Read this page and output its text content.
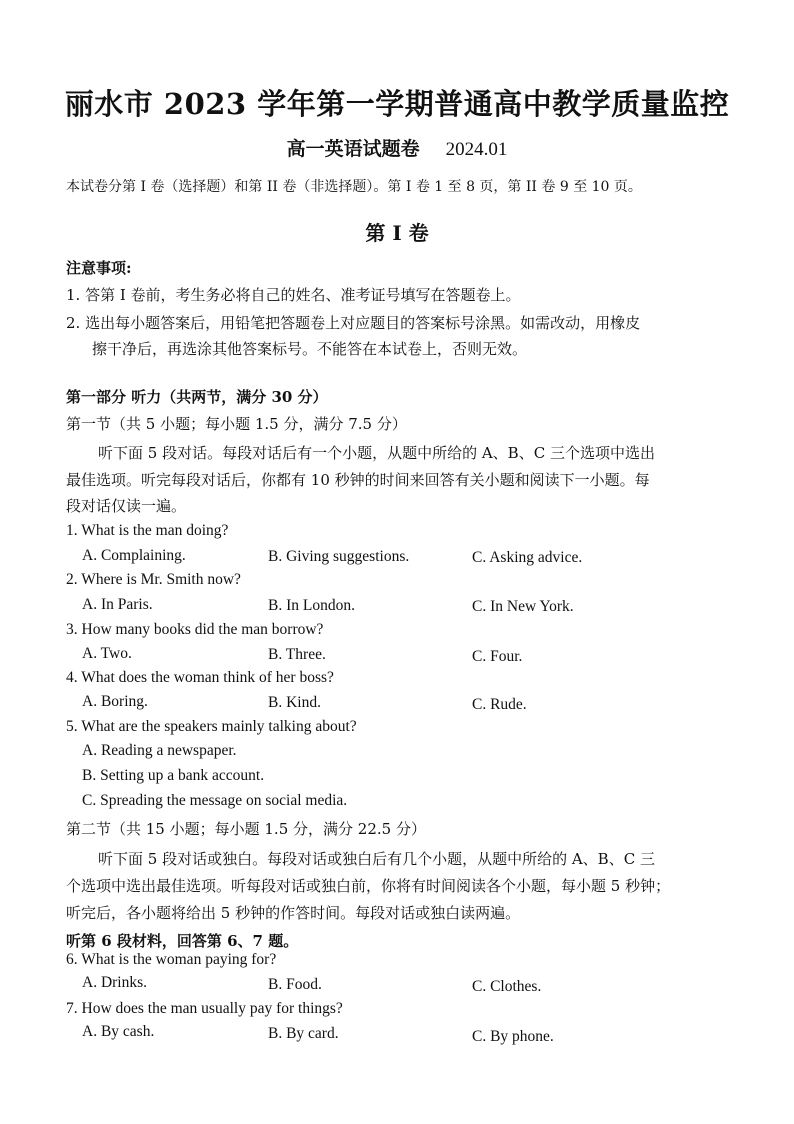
丽水市 2023 学年第一学期普通高中教学质量监控
高一英语试题卷 2024.01
本试卷分第 I 卷（选择题）和第 II 卷（非选择题）。第 I 卷 1 至 8 页，第 II 卷 9 至 10 页。
第 I 卷
注意事项:
1. 答第 I 卷前，考生务必将自己的姓名、准考证号填写在答题卷上。
2. 选出每小题答案后，用铅笔把答题卷上对应题目的答案标号涂黑。如需改动，用橡皮
擦干净后，再选涂其他答案标号。不能答在本试卷上，否则无效。
第一部分 听力（共两节，满分 30 分）
第一节（共 5 小题；每小题 1.5 分，满分 7.5 分）
听下面 5 段对话。每段对话后有一个小题，从题中所给的 A、B、C 三个选项中选出
最佳选项。听完每段对话后，你都有 10 秒钟的时间来回答有关小题和阅读下一小题。每
段对话仅读一遍。
1. What is the man doing?
A. Complaining.	B. Giving suggestions.	C. Asking advice.
2. Where is Mr. Smith now?
A. In Paris.	B. In London.	C. In New York.
3. How many books did the man borrow?
A. Two.	B. Three.	C. Four.
4. What does the woman think of her boss?
A. Boring.	B. Kind.	C. Rude.
5. What are the speakers mainly talking about?
A. Reading a newspaper.
B. Setting up a bank account.
C. Spreading the message on social media.
第二节（共 15 小题；每小题 1.5 分，满分 22.5 分）
听下面 5 段对话或独白。每段对话或独白后有几个小题，从题中所给的 A、B、C 三
个选项中选出最佳选项。听每段对话或独白前，你将有时间阅读各个小题，每小题 5 秒钟；
听完后，各小题将给出 5 秒钟的作答时间。每段对话或独白读两遍。
听第 6 段材料，回答第 6、7 题。
6. What is the woman paying for?
A. Drinks.	B. Food.	C. Clothes.
7. How does the man usually pay for things?
A. By cash.	B. By card.	C. By phone.
